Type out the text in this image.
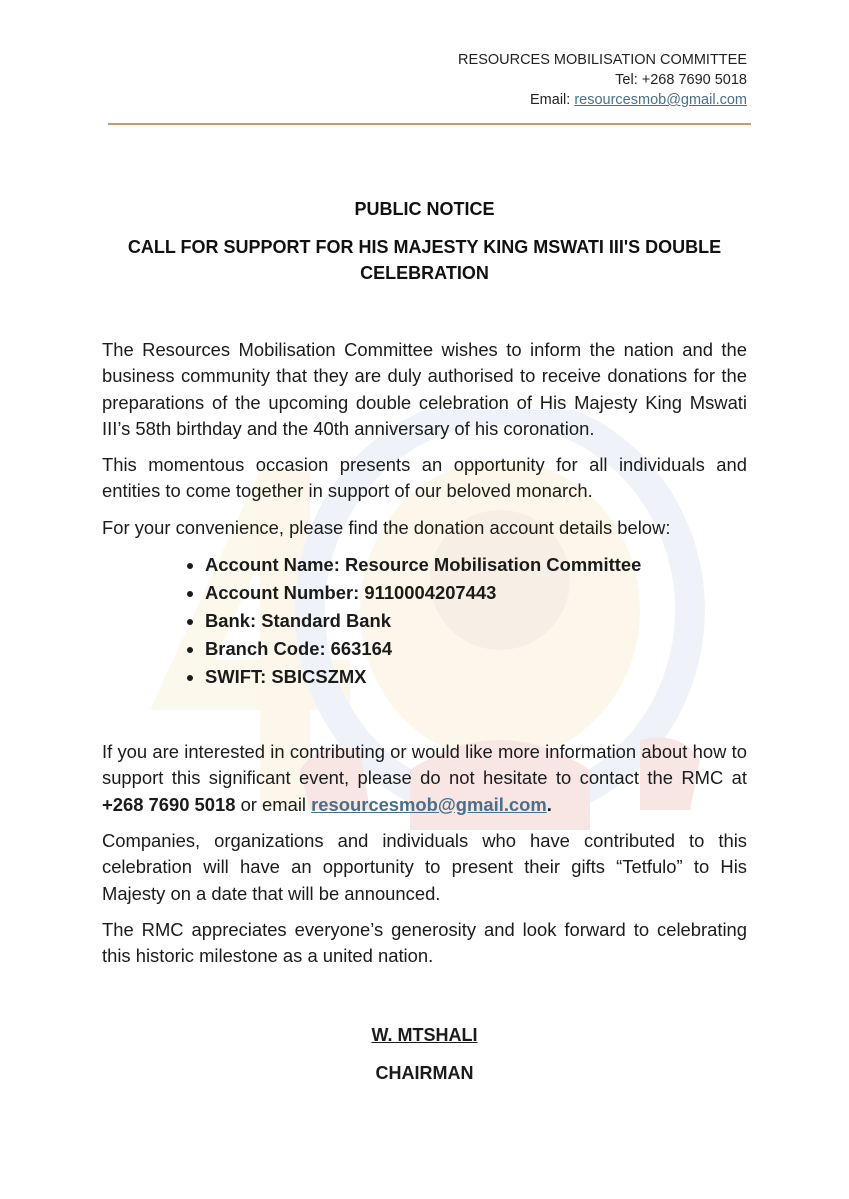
RESOURCES MOBILISATION COMMITTEE
Tel: +268 7690 5018
Email: resourcesmob@gmail.com
PUBLIC NOTICE
CALL FOR SUPPORT FOR HIS MAJESTY KING MSWATI III'S DOUBLE
CELEBRATION

The Resources Mobilisation Committee wishes to inform the nation and the business community that they are duly authorised to receive donations for the preparations of the upcoming double celebration of His Majesty King Mswati III’s 58th birthday and the 40th anniversary of his coronation.

This momentous occasion presents an opportunity for all individuals and entities to come together in support of our beloved monarch.

For your convenience, please find the donation account details below:

• Account Name: Resource Mobilisation Committee
• Account Number: 9110004207443
• Bank: Standard Bank
• Branch Code: 663164
• SWIFT: SBICSZMX

If you are interested in contributing or would like more information about how to support this significant event, please do not hesitate to contact the RMC at +268 7690 5018 or email resourcesmob@gmail.com.

Companies, organizations and individuals who have contributed to this celebration will have an opportunity to present their gifts “Tetfulo” to His Majesty on a date that will be announced.

The RMC appreciates everyone’s generosity and look forward to celebrating this historic milestone as a united nation.

W. MTSHALI
CHAIRMAN
